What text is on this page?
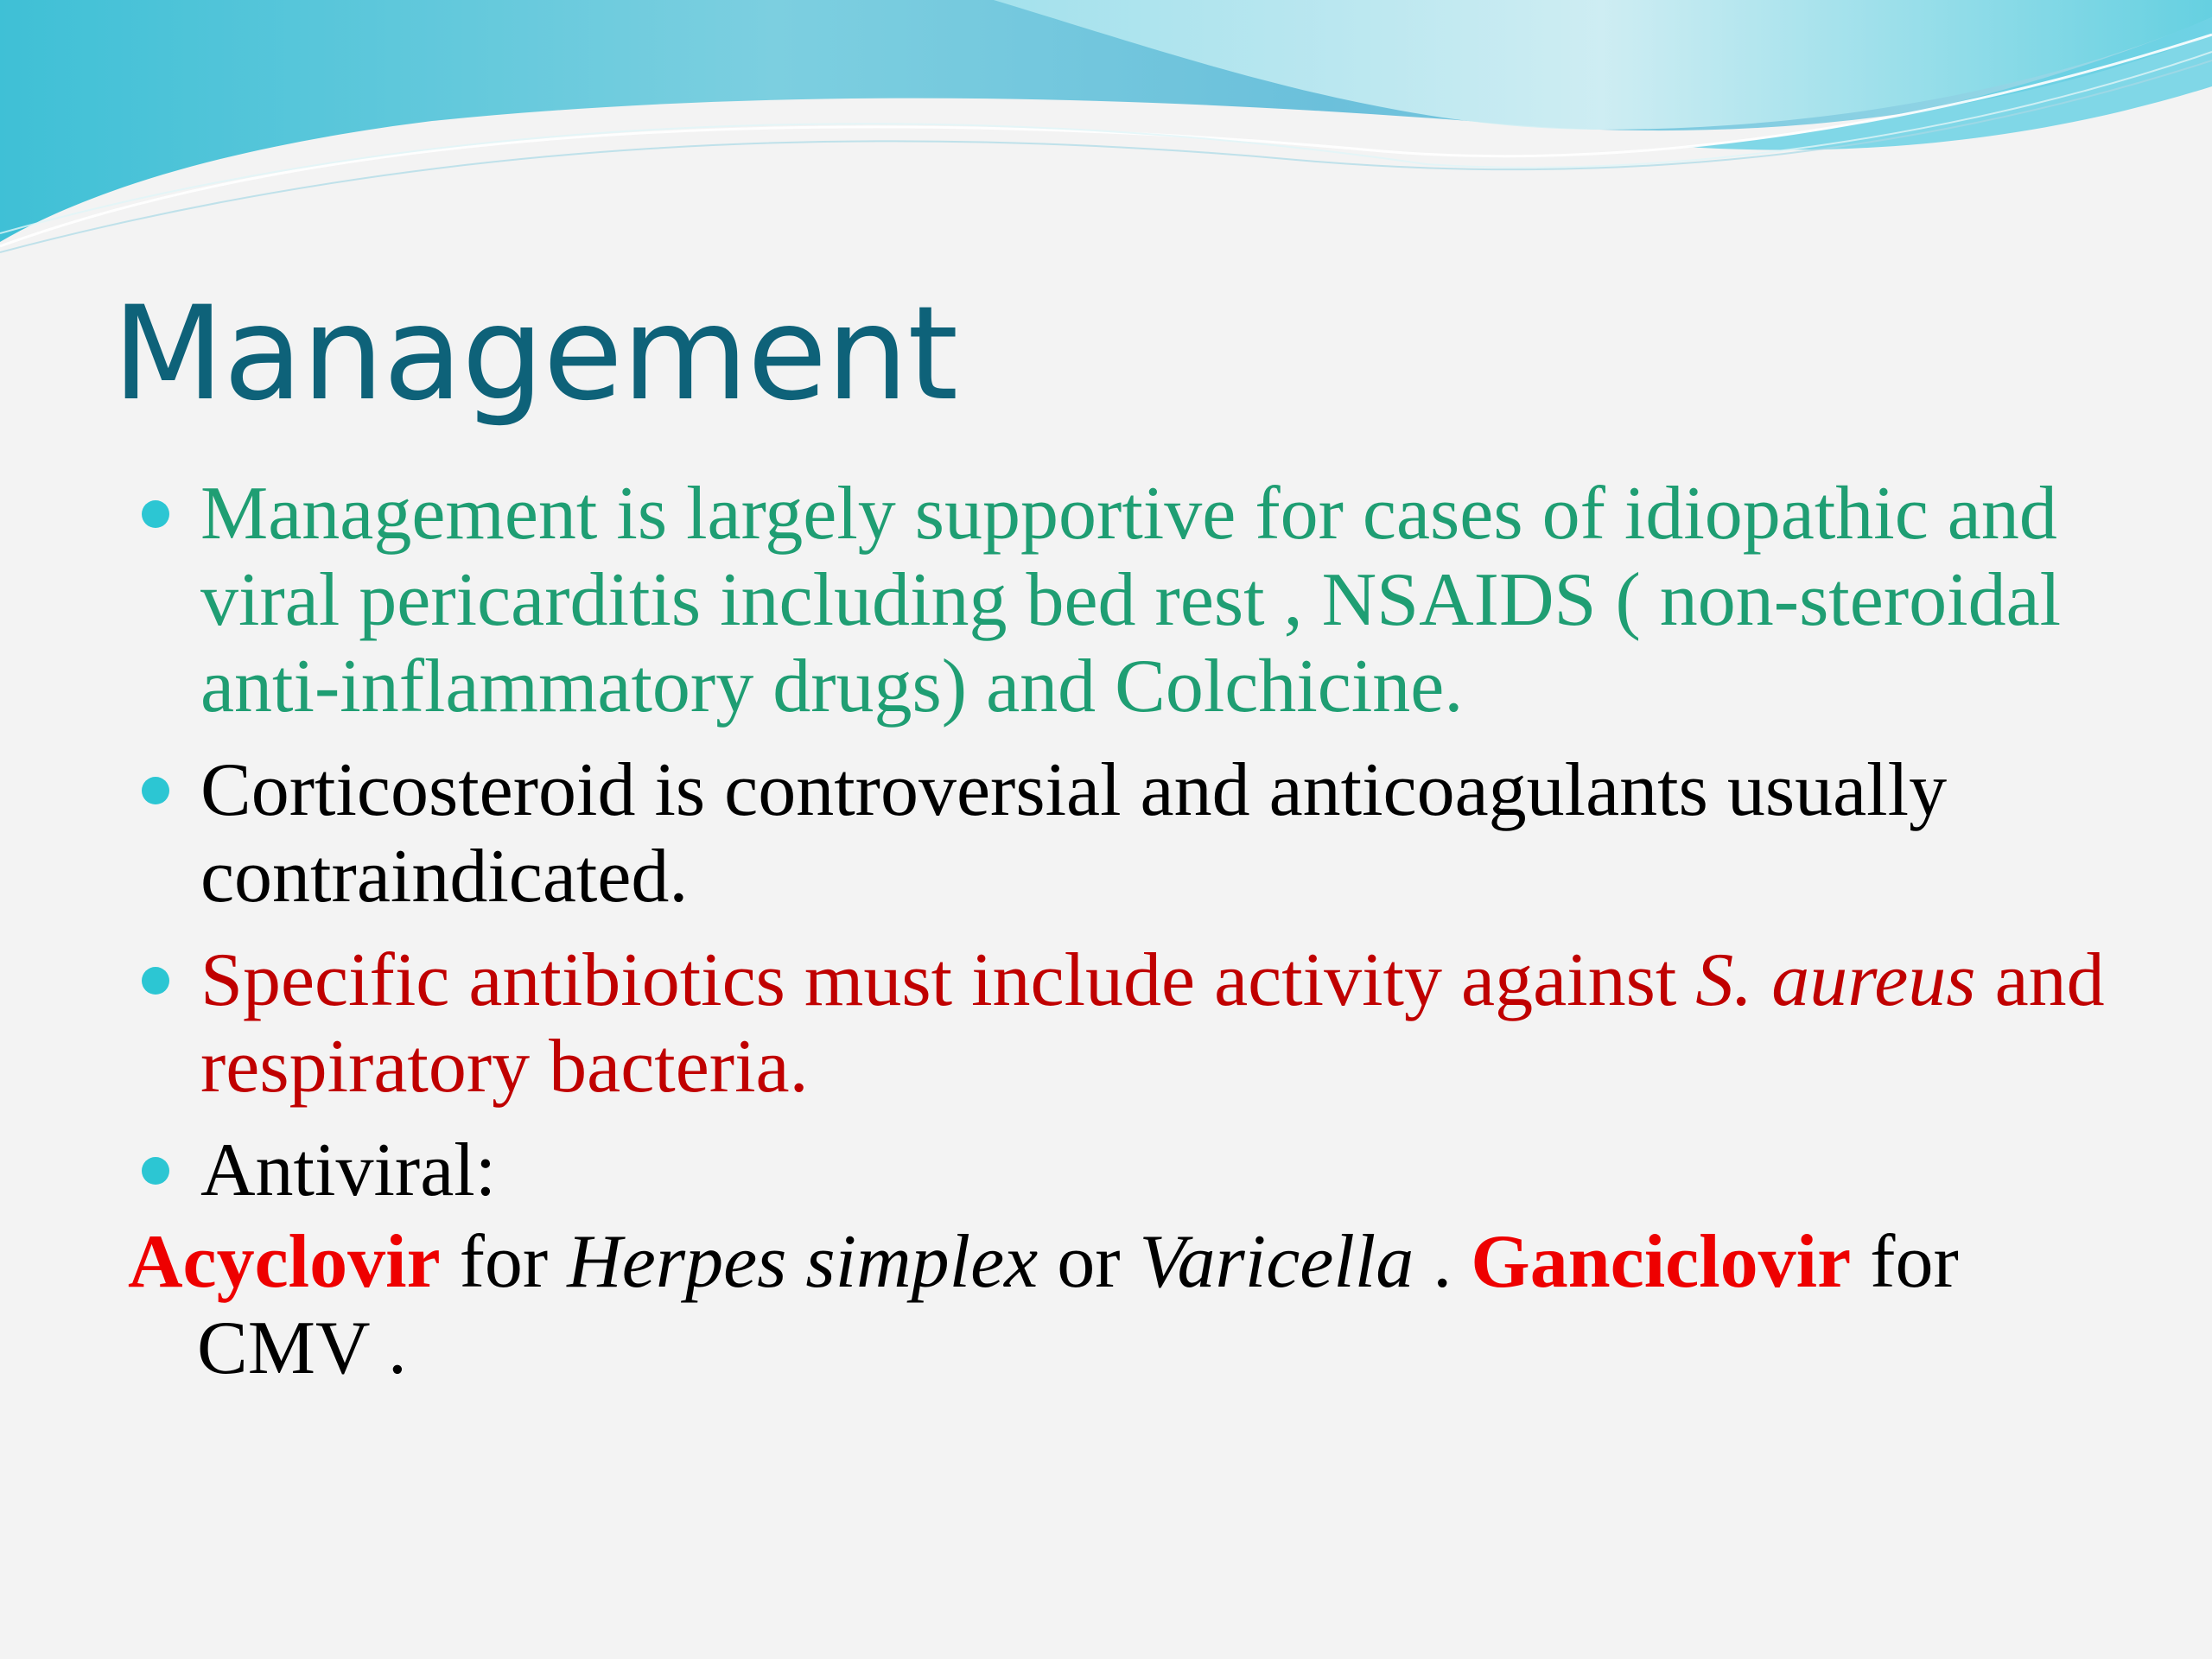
Management

Management is largely supportive for cases of idiopathic and viral pericarditis including bed rest , NSAIDS ( non-steroidal anti-inflammatory drugs) and Colchicine.

Corticosteroid is controversial and anticoagulants usually contraindicated.

Specific antibiotics must include activity against S. aureus and respiratory bacteria.

Antiviral:

Acyclovir for Herpes simplex or Varicella . Ganciclovir for CMV .
